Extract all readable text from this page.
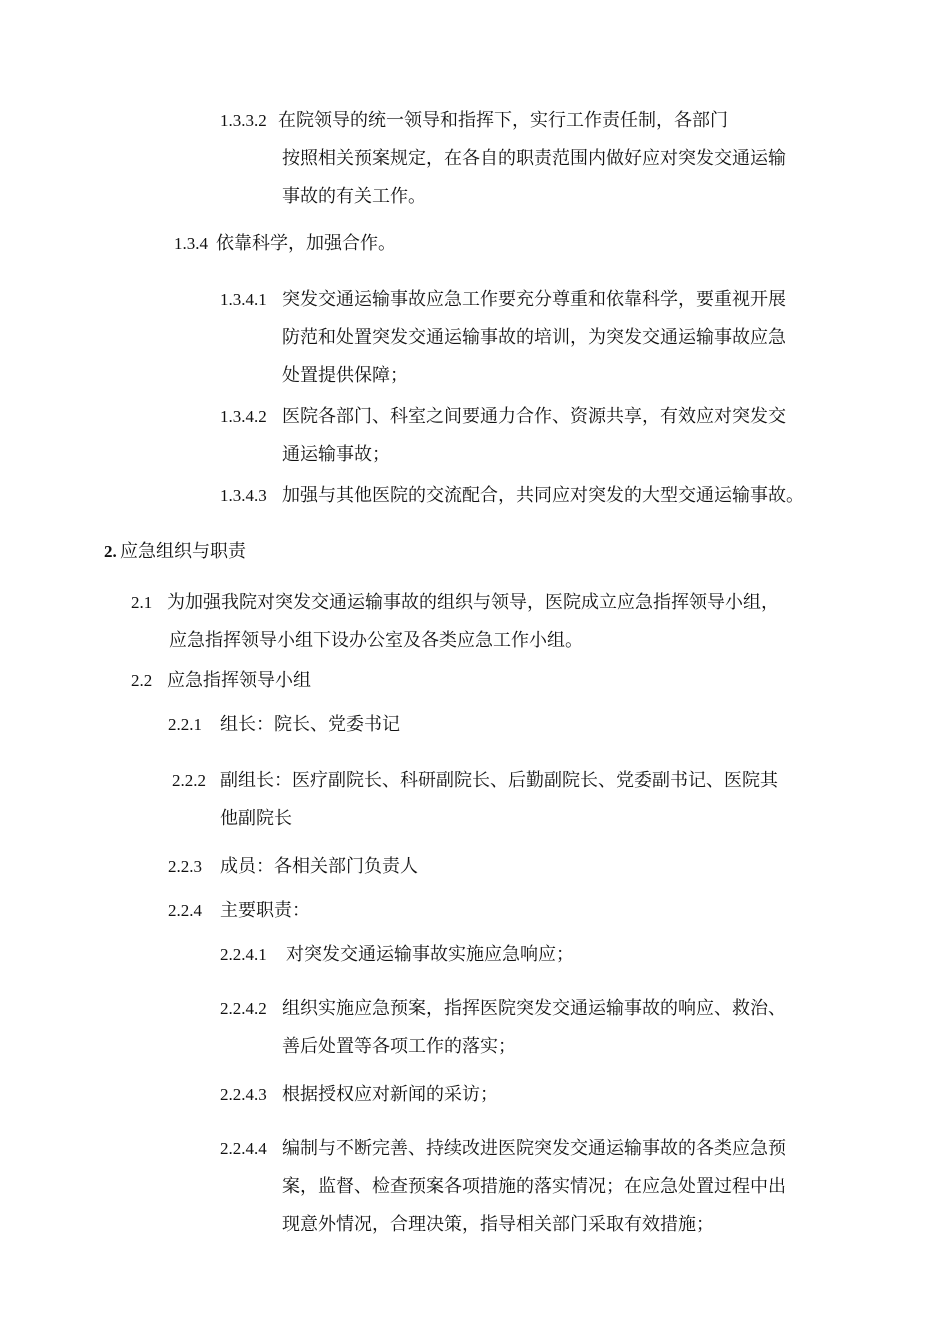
1.3.3.2 在院领导的统一领导和指挥下，实行工作责任制，各部门
按照相关预案规定，在各自的职责范围内做好应对突发交通运输
事故的有关工作。
1.3.4 依靠科学，加强合作。
1.3.4.1 突发交通运输事故应急工作要充分尊重和依靠科学，要重视开展
防范和处置突发交通运输事故的培训，为突发交通运输事故应急
处置提供保障；
1.3.4.2 医院各部门、科室之间要通力合作、资源共享，有效应对突发交
通运输事故；
1.3.4.3 加强与其他医院的交流配合，共同应对突发的大型交通运输事故。
2. 应急组织与职责
2.1 为加强我院对突发交通运输事故的组织与领导，医院成立应急指挥领导小组，
应急指挥领导小组下设办公室及各类应急工作小组。
2.2 应急指挥领导小组
2.2.1 组长：院长、党委书记
2.2.2 副组长：医疗副院长、科研副院长、后勤副院长、党委副书记、医院其
他副院长
2.2.3 成员：各相关部门负责人
2.2.4 主要职责：
2.2.4.1 对突发交通运输事故实施应急响应；
2.2.4.2 组织实施应急预案，指挥医院突发交通运输事故的响应、救治、
善后处置等各项工作的落实；
2.2.4.3 根据授权应对新闻的采访；
2.2.4.4 编制与不断完善、持续改进医院突发交通运输事故的各类应急预
案，监督、检查预案各项措施的落实情况；在应急处置过程中出
现意外情况，合理决策，指导相关部门采取有效措施；
